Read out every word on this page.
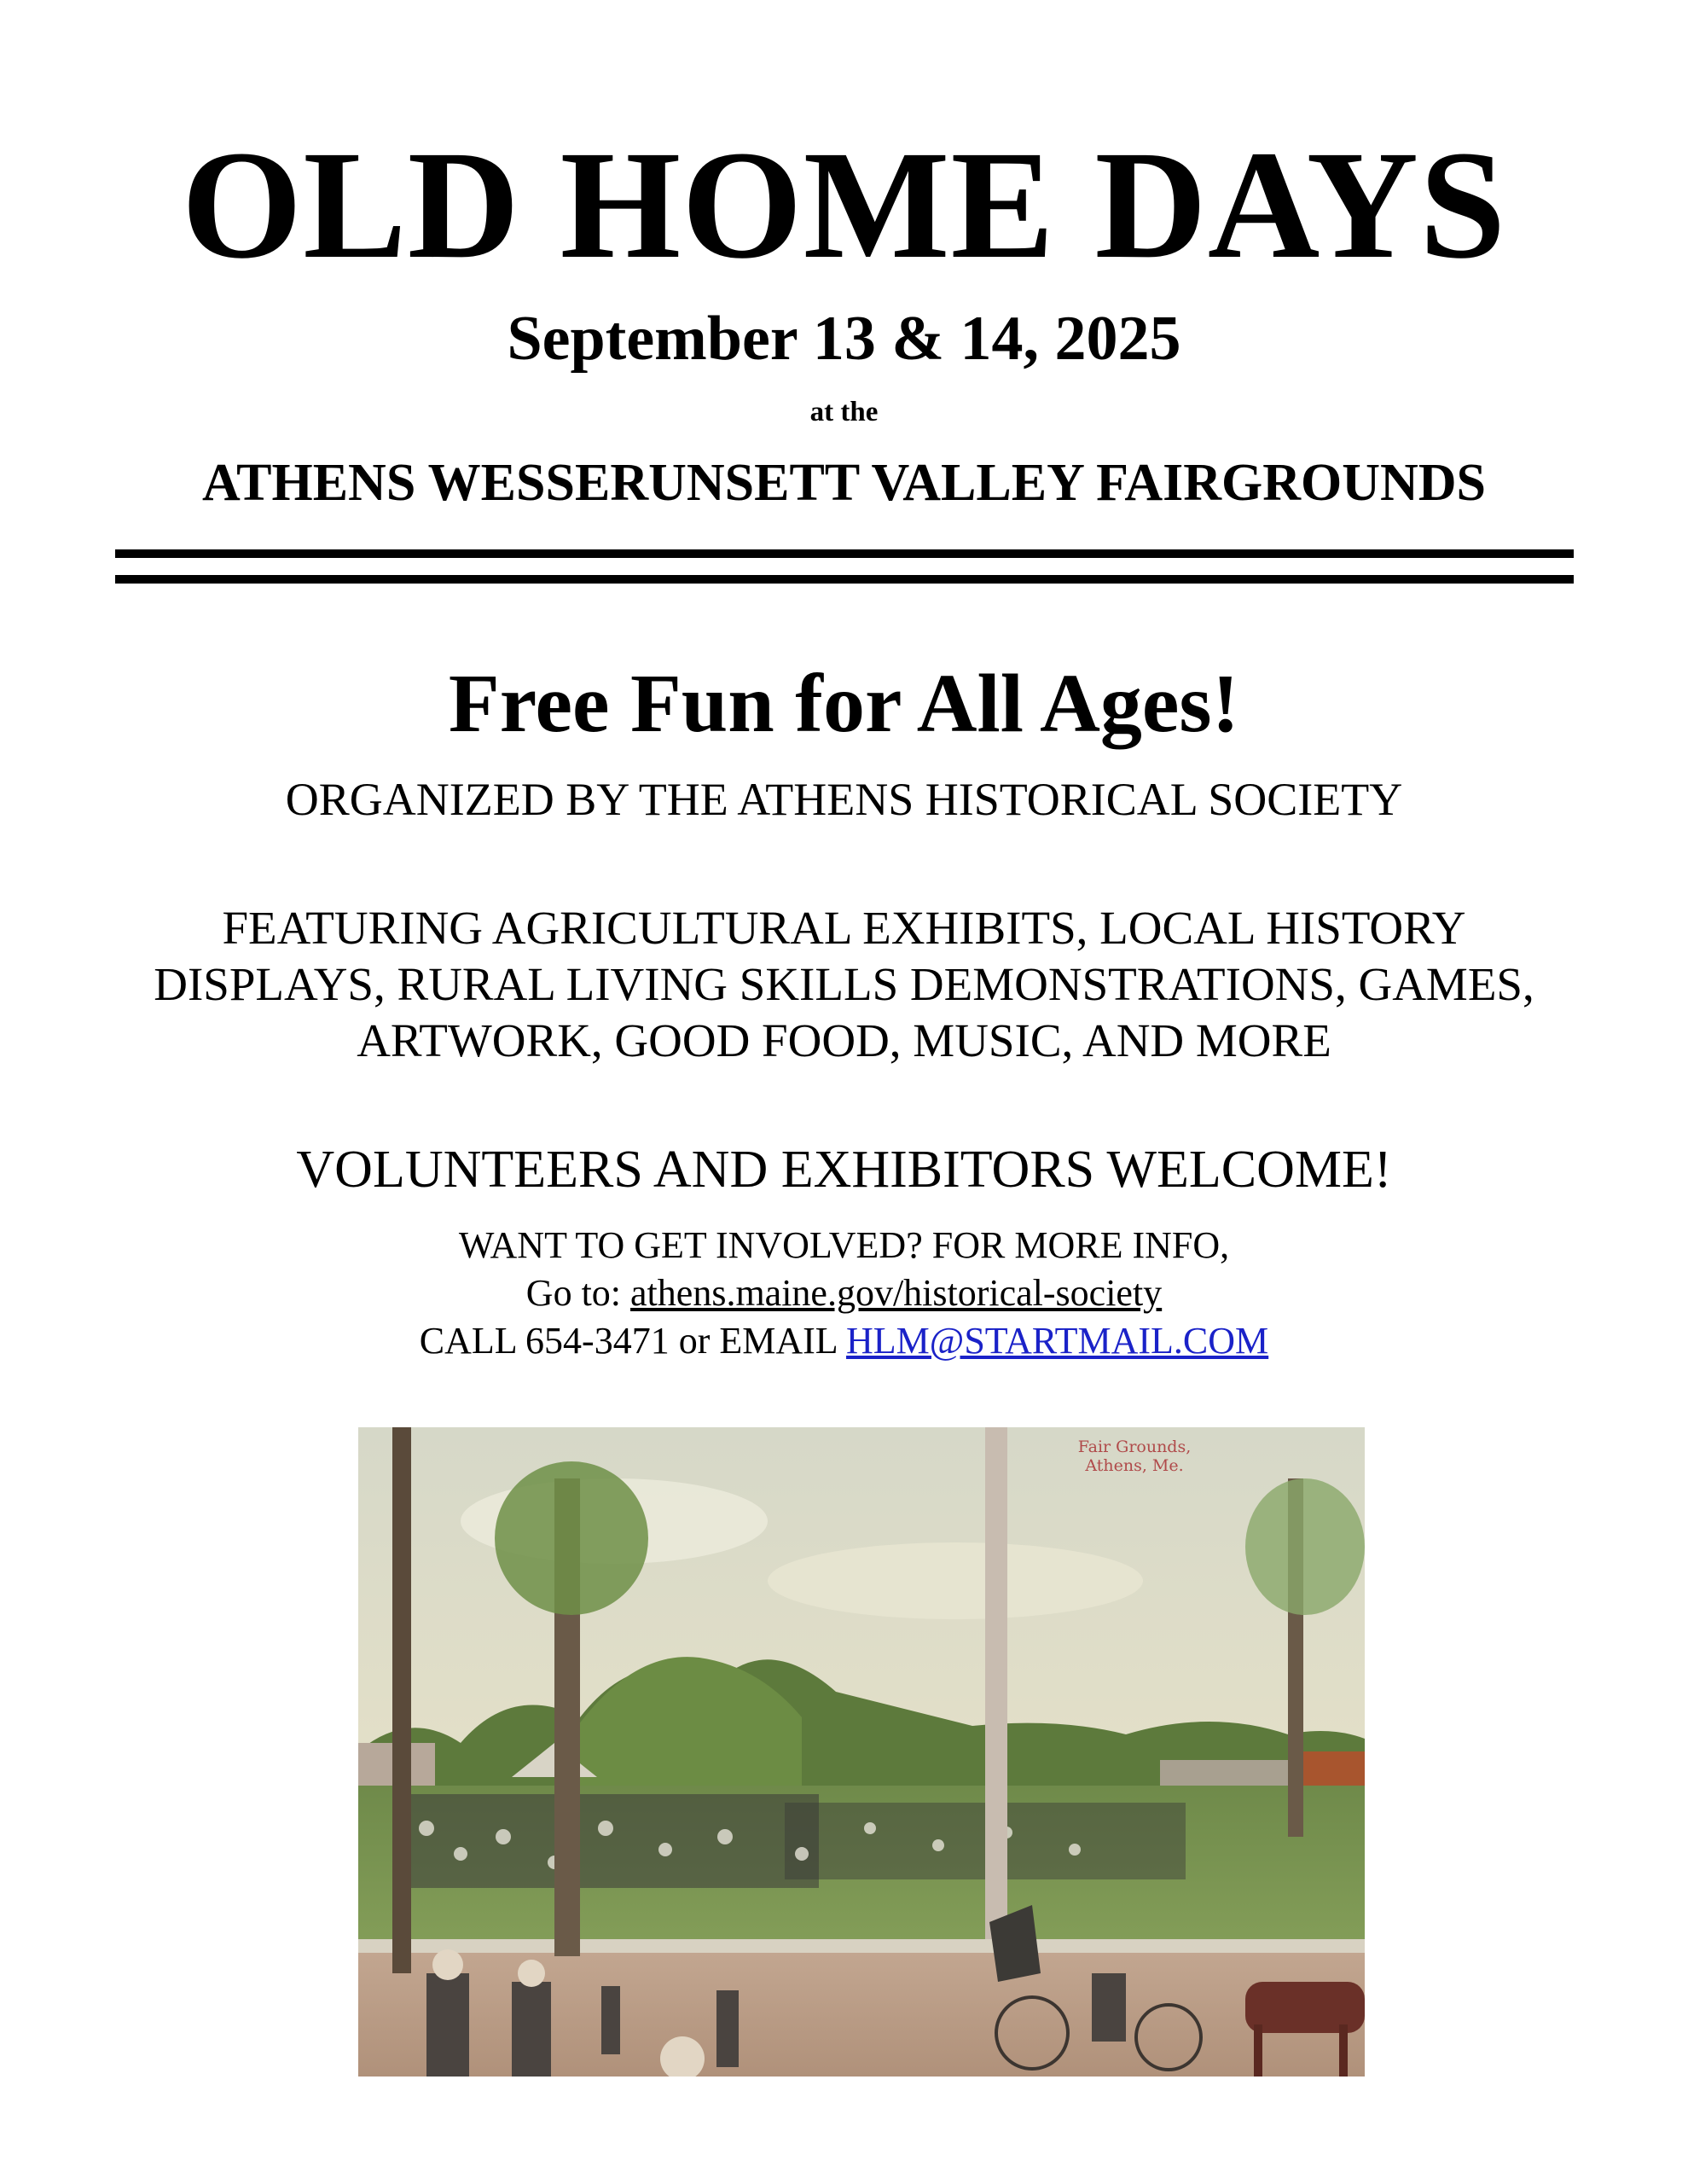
OLD HOME DAYS
September 13 & 14, 2025
at the
ATHENS WESSERUNSETT VALLEY FAIRGROUNDS
Free Fun for All Ages!
ORGANIZED BY THE ATHENS HISTORICAL SOCIETY
FEATURING AGRICULTURAL EXHIBITS, LOCAL HISTORY
DISPLAYS, RURAL LIVING SKILLS DEMONSTRATIONS, GAMES,
ARTWORK, GOOD FOOD, MUSIC, AND MORE
VOLUNTEERS AND EXHIBITORS WELCOME!
WANT TO GET INVOLVED? FOR MORE INFO,
Go to: athens.maine.gov/historical-society
CALL 654-3471 or EMAIL HLM@STARTMAIL.COM
Fair Grounds,
Athens, Me.
